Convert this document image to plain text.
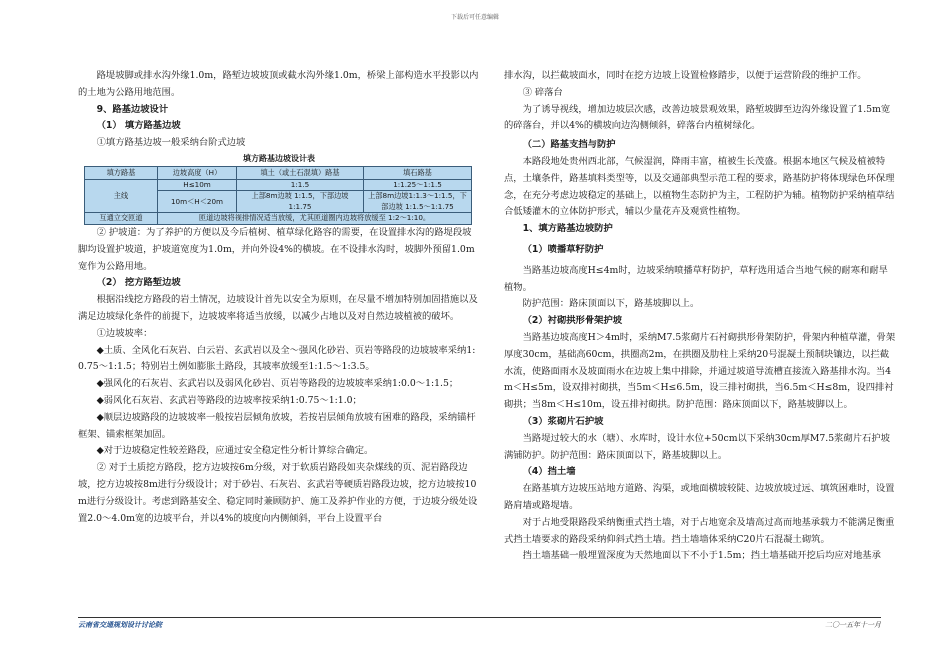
下载后可任意编辑

路堤坡脚或排水沟外缘1.0m，路堑边坡坡顶或截水沟外缘1.0m，桥梁上部构造水平投影以内的土地为公路用地范围。

9、路基边坡设计

（1） 填方路基边坡

①填方路基边坡一般采纳台阶式边坡

填方路基边坡设计表

填方路基	边坡高度（H）	填土（或土石混填）路基	填石路基
主线	H≤10m	1:1.5	1:1.25～1:1.5
	10m＜H＜20m	上部8m边坡 1:1.5，下部边坡 1:1.75	上部8m边坡1:1.3～1:1.5，下部边坡 1:1.5～1:1.75
互通立交匝道	匝道边坡将视排情况适当放缓，尤其匝道圈内边坡将放缓至 1:2～1:10。		

② 护坡道：为了养护的方便以及今后植树、植草绿化路容的需要，在设置排水沟的路堤段坡脚均设置护坡道，护坡道宽度为1.0m，并向外设4%的横坡。在不设排水沟时，坡脚外预留1.0m宽作为公路用地。

（2） 挖方路堑边坡

根据沿线挖方路段的岩土情况，边坡设计首先以安全为原则，在尽量不增加特别加固措施以及满足边坡绿化条件的前提下，边坡坡率将适当放缓，以减少占地以及对自然边坡植被的破坏。

①边坡坡率：

◆土质、全风化石灰岩、白云岩、玄武岩以及全～强风化砂岩、页岩等路段的边坡坡率采纳1:0.75～1:1.5；特别岩土例如膨胀土路段，其坡率放缓至1:1.5～1:3.5。

◆强风化的石灰岩、玄武岩以及弱风化砂岩、页岩等路段的边坡坡率采纳1:0.0～1:1.5；

◆弱风化石灰岩、玄武岩等路段的边坡率按采纳1:0.75～1:1.0；

◆顺层边坡路段的边坡坡率一般按岩层倾角放坡，若按岩层倾角放坡有困难的路段，采纳锚杆框架、锚索框架加固。

◆对于边坡稳定性较差路段，应通过安全稳定性分析计算综合确定。

② 对于土质挖方路段，挖方边坡按6m分级，对于软质岩路段如夹杂煤线的页、泥岩路段边坡，挖方边坡按8m进行分级设计；对于砂岩、石灰岩、玄武岩等硬质岩路段边坡，挖方边坡按10m进行分级设计。考虑到路基安全、稳定同时兼顾防护、施工及养护作业的方便，于边坡分级处设置2.0～4.0m宽的边坡平台，并以4%的坡度向内侧倾斜，平台上设置平台

排水沟，以拦截坡面水，同时在挖方边坡上设置检修踏步，以便于运营阶段的维护工作。

③ 碎落台

为了诱导视线，增加边坡层次感，改善边坡景观效果，路堑坡脚至边沟外缘设置了1.5m宽的碎落台，并以4%的横坡向边沟侧倾斜，碎落台内植树绿化。

（二）路基支挡与防护

本路段地处贵州西北部，气候湿润，降雨丰富，植被生长茂盛。根据本地区气候及植被特点，土壤条件，路基填料类型等，以及交通部典型示范工程的要求，路基防护将体现绿色环保理念，在充分考虑边坡稳定的基础上，以植物生态防护为主，工程防护为辅。植物防护采纳植草结合低矮灌木的立体防护形式，辅以少量花卉及观赏性植物。

1、填方路基边坡防护

（1）喷播草籽防护

当路基边坡高度H≤4m时，边坡采纳喷播草籽防护，草籽选用适合当地气候的耐寒和耐旱植物。

防护范围：路床顶面以下，路基坡脚以上。

（2）衬砌拱形骨架护坡

当路基边坡高度H＞4m时，采纳M7.5浆砌片石衬砌拱形骨架防护，骨架内种植草灌，骨架厚度30cm，基础高60cm，拱圈高2m，在拱圈及肋柱上采纳20号混凝土预制块镶边，以拦截水流，使路面雨水及坡面雨水在边坡上集中排除，并通过坡道导流槽直接流入路基排水沟。当4m＜H≤5m，设双排衬砌拱，当5m＜H≤6.5m，设三排衬砌拱，当6.5m＜H≤8m，设四排衬砌拱；当8m＜H≤10m，设五排衬砌拱。防护范围：路床顶面以下，路基坡脚以上。

（3）浆砌片石护坡

当路堤过较大的水（塘）、水库时，设计水位+50cm以下采纳30cm厚M7.5浆砌片石护坡满铺防护。防护范围：路床顶面以下，路基坡脚以上。

（4）挡土墙

在路基填方边坡压站地方道路、沟渠，或地面横坡较陡、边坡放坡过远、填筑困难时，设置路肩墙或路堤墙。

对于占地受限路段采纳衡重式挡土墙，对于占地宽余及墙高过高而地基承载力不能满足衡重式挡土墙要求的路段采纳仰斜式挡土墙。挡土墙墙体采纳C20片石混凝土砌筑。

挡土墙基础一般埋置深度为天然地面以下不小于1.5m；挡土墙基础开挖后均应对地基承

云南省交通规划设计讨论院	二〇一五年十一月
